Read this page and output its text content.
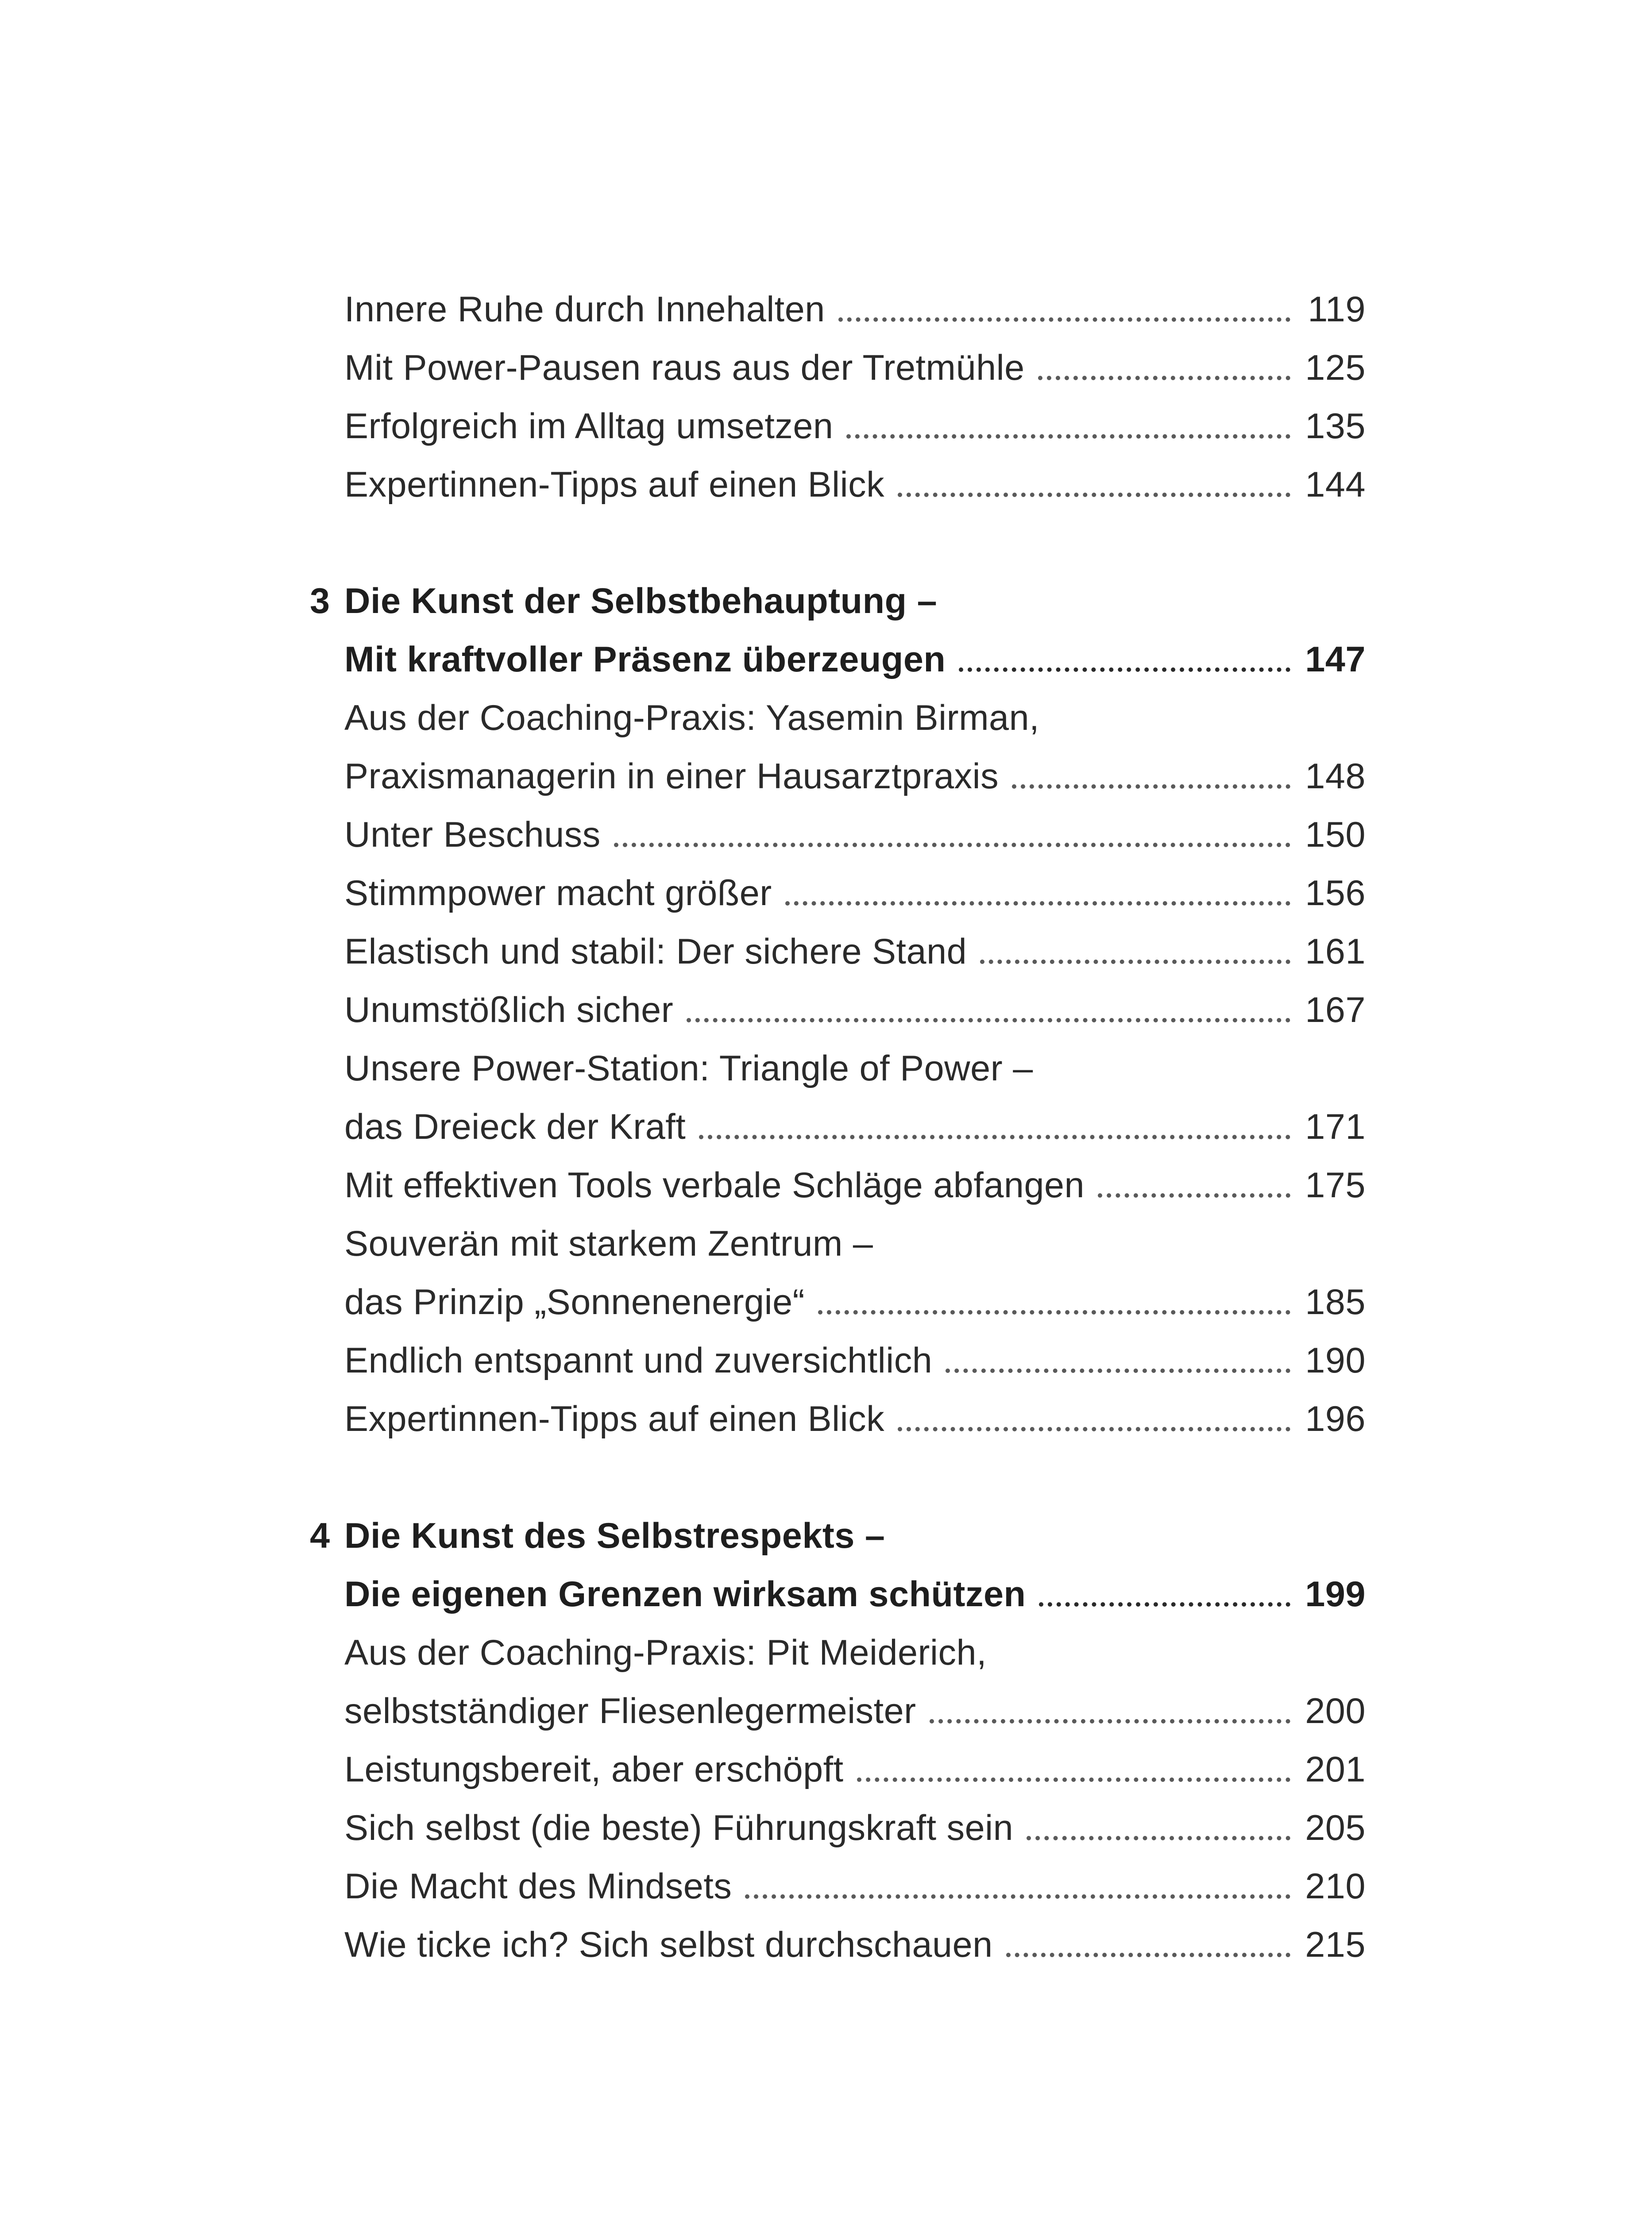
Innere Ruhe durch Innehalten	119
Mit Power-Pausen raus aus der Tretmühle	125
Erfolgreich im Alltag umsetzen	135
Expertinnen-Tipps auf einen Blick	144
3 Die Kunst der Selbstbehauptung –
Mit kraftvoller Präsenz überzeugen	147
Aus der Coaching-Praxis: Yasemin Birman,
Praxismanagerin in einer Hausarztpraxis	148
Unter Beschuss	150
Stimmpower macht größer	156
Elastisch und stabil: Der sichere Stand	161
Unumstößlich sicher	167
Unsere Power-Station: Triangle of Power –
das Dreieck der Kraft	171
Mit effektiven Tools verbale Schläge abfangen	175
Souverän mit starkem Zentrum –
das Prinzip „Sonnenenergie“	185
Endlich entspannt und zuversichtlich	190
Expertinnen-Tipps auf einen Blick	196
4 Die Kunst des Selbstrespekts –
Die eigenen Grenzen wirksam schützen	199
Aus der Coaching-Praxis: Pit Meiderich,
selbstständiger Fliesenlegermeister	200
Leistungsbereit, aber erschöpft	201
Sich selbst (die beste) Führungskraft sein	205
Die Macht des Mindsets	210
Wie ticke ich? Sich selbst durchschauen	215
